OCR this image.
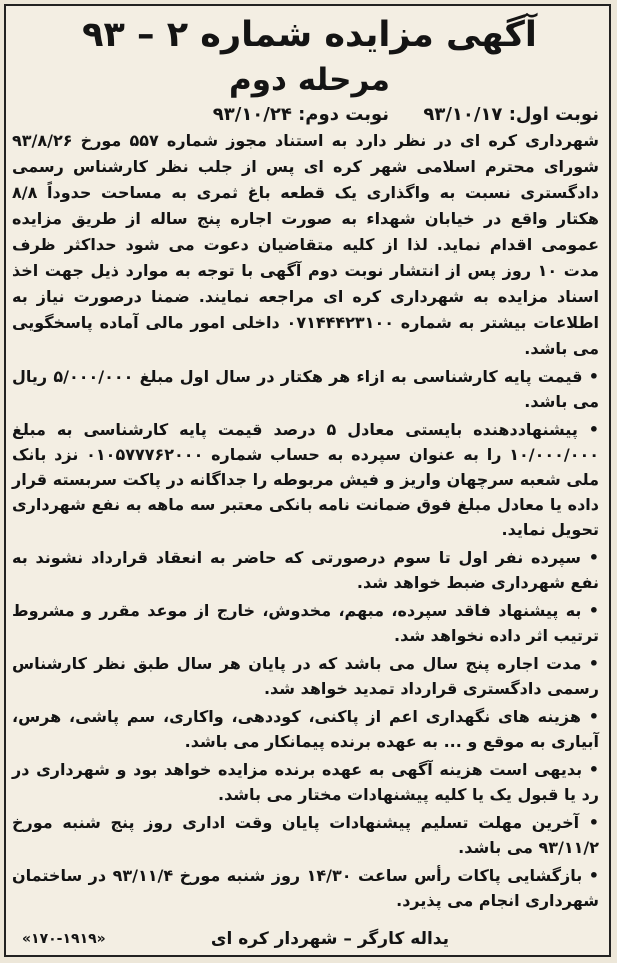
آگهی مزایده شماره ۲ – ۹۳
مرحله دوم
نوبت اول: ۹۳/۱۰/۱۷ نوبت دوم: ۹۳/۱۰/۲۴
شهرداری کره ای در نظر دارد به استناد مجوز شماره ۵۵۷ مورخ ۹۳/۸/۲۶ شورای محترم اسلامی شهر کره ای پس از جلب نظر کارشناس رسمی دادگستری نسبت به واگذاری یک قطعه باغ ثمری به مساحت حدوداً ۸/۸ هکتار واقع در خیابان شهداء به صورت اجاره پنج ساله از طریق مزایده عمومی اقدام نماید. لذا از کلیه متقاضیان دعوت می شود حداکثر ظرف مدت ۱۰ روز پس از انتشار نوبت دوم آگهی با توجه به موارد ذیل جهت اخذ اسناد مزایده به شهرداری کره ای مراجعه نمایند. ضمنا درصورت نیاز به اطلاعات بیشتر به شماره ۰۷۱۴۴۴۲۳۱۰۰ داخلی امور مالی آماده پاسخگویی می باشد.
• قیمت پایه کارشناسی به ازاء هر هکتار در سال اول مبلغ ۵/۰۰۰/۰۰۰ ریال می باشد.
• پیشنهاددهنده بایستی معادل ۵ درصد قیمت پایه کارشناسی به مبلغ ۱۰/۰۰۰/۰۰۰ را به عنوان سپرده به حساب شماره ۰۱۰۵۷۷۷۶۲۰۰۰ نزد بانک ملی شعبه سرچهان واریز و فیش مربوطه را جداگانه در پاکت سربسته قرار داده یا معادل مبلغ فوق ضمانت نامه بانکی معتبر سه ماهه به نفع شهرداری تحویل نماید.
• سپرده نفر اول تا سوم درصورتی که حاضر به انعقاد قرارداد نشوند به نفع شهرداری ضبط خواهد شد.
• به پیشنهاد فاقد سپرده، مبهم، مخدوش، خارج از موعد مقرر و مشروط ترتیب اثر داده نخواهد شد.
• مدت اجاره پنج سال می باشد که در پایان هر سال طبق نظر کارشناس رسمی دادگستری قرارداد تمدید خواهد شد.
• هزینه های نگهداری اعم از پاکنی، کوددهی، واکاری، سم پاشی، هرس، آبیاری به موقع و ... به عهده برنده پیمانکار می باشد.
• بدیهی است هزینه آگهی به عهده برنده مزایده خواهد بود و شهرداری در رد یا قبول یک یا کلیه پیشنهادات مختار می باشد.
• آخرین مهلت تسلیم پیشنهادات پایان وقت اداری روز پنج شنبه مورخ ۹۳/۱۱/۲ می باشد.
• بازگشایی پاکات رأس ساعت ۱۴/۳۰ روز شنبه مورخ ۹۳/۱۱/۴ در ساختمان شهرداری انجام می پذیرد.
یداله کارگر – شهردار کره ای
«۱۷۰-۱۹۱۹»
